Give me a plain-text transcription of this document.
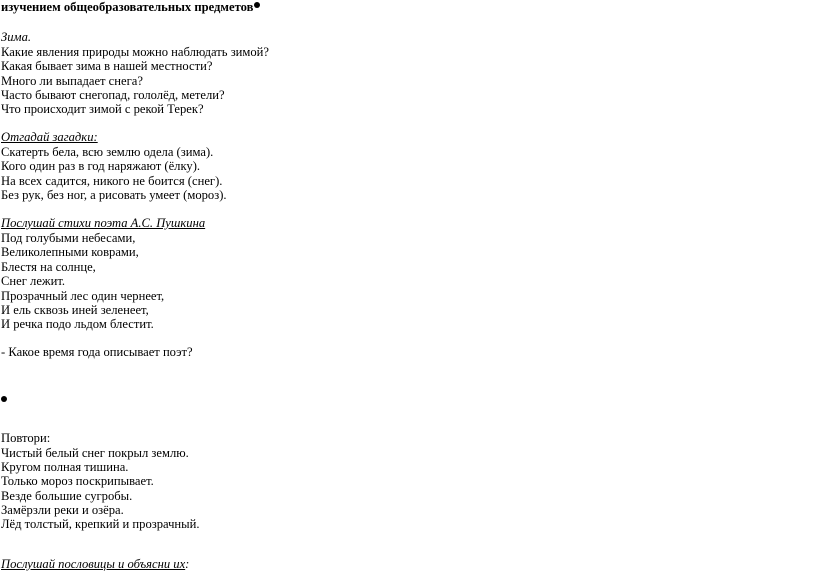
изучением общеобразовательных предметов
Зима.
Какие явления природы можно наблюдать зимой?
Какая бывает зима в нашей местности?
Много ли выпадает снега?
Часто бывают снегопад, гололёд, метели?
Что происходит зимой с рекой Терек?
Отгадай загадки:
Скатерть бела, всю землю одела (зима).
Кого один раз в год наряжают (ёлку).
На всех садится, никого не боится (снег).
Без рук, без ног, а рисовать умеет (мороз).
Послушай стихи поэта А.С. Пушкина
Под голубыми небесами,
Великолепными коврами,
Блестя на солнце,
Снег лежит.
Прозрачный лес один чернеет,
И ель сквозь иней зеленеет,
И речка подо льдом блестит.
- Какое время года описывает поэт?
Повтори:
Чистый белый снег покрыл землю.
Кругом полная тишина.
Только мороз поскрипывает.
Везде большие сугробы.
Замёрзли реки и озёра.
Лёд толстый, крепкий и прозрачный.
Послушай пословицы и объясни их:
